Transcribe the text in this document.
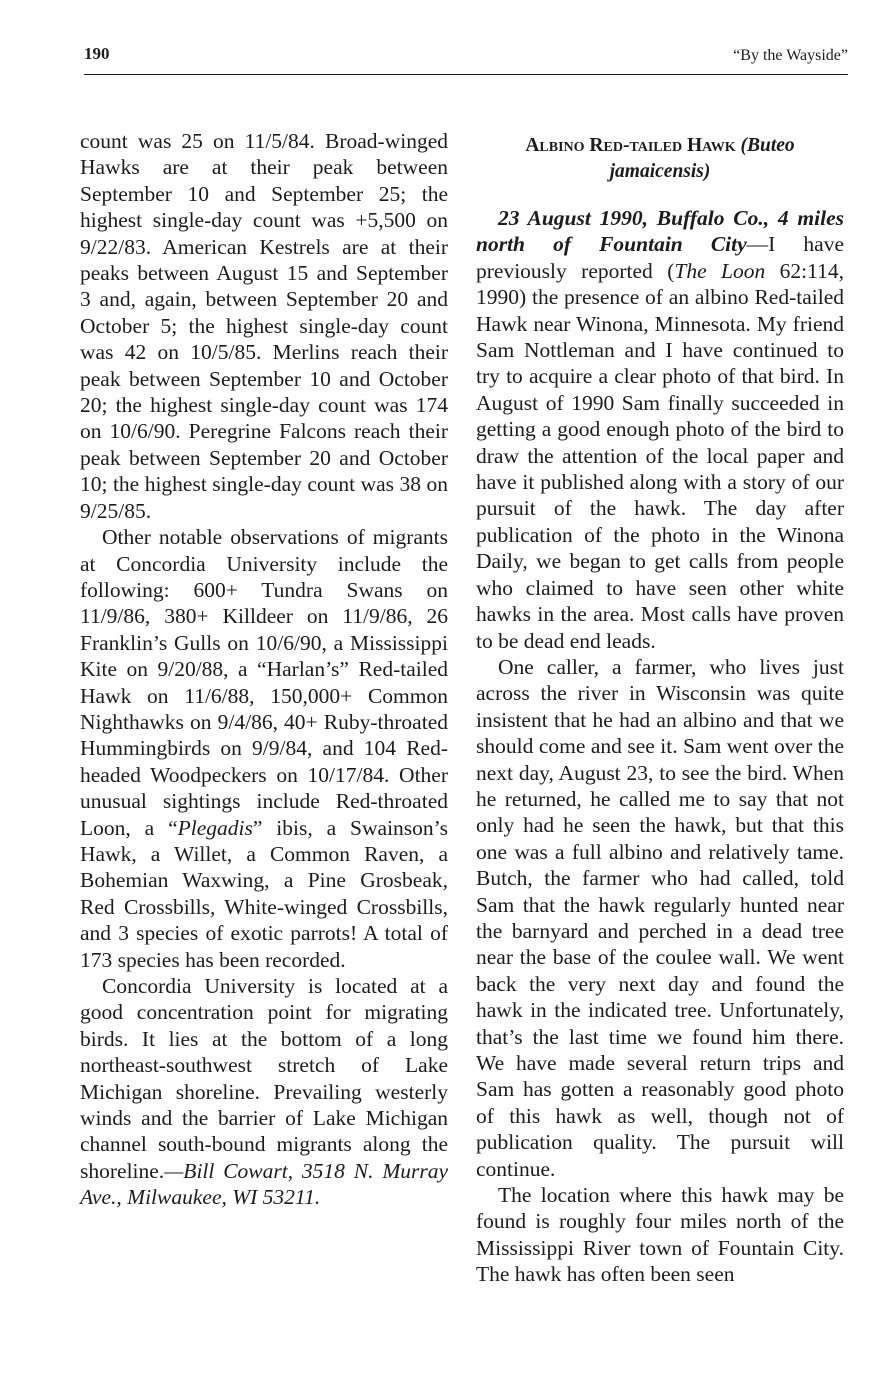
190	“By the Wayside”

count was 25 on 11/5/84. Broad-winged Hawks are at their peak between September 10 and September 25; the highest single-day count was +5,500 on 9/22/83. American Kestrels are at their peaks between August 15 and September 3 and, again, between September 20 and October 5; the highest single-day count was 42 on 10/5/85. Merlins reach their peak between September 10 and October 20; the highest single-day count was 174 on 10/6/90. Peregrine Falcons reach their peak between September 20 and October 10; the highest single-day count was 38 on 9/25/85.

Other notable observations of migrants at Concordia University include the following: 600+ Tundra Swans on 11/9/86, 380+ Killdeer on 11/9/86, 26 Franklin’s Gulls on 10/6/90, a Mississippi Kite on 9/20/88, a “Harlan’s” Red-tailed Hawk on 11/6/88, 150,000+ Common Nighthawks on 9/4/86, 40+ Ruby-throated Hummingbirds on 9/9/84, and 104 Red-headed Woodpeckers on 10/17/84. Other unusual sightings include Red-throated Loon, a “Plegadis” ibis, a Swainson’s Hawk, a Willet, a Common Raven, a Bohemian Waxwing, a Pine Grosbeak, Red Crossbills, White-winged Crossbills, and 3 species of exotic parrots! A total of 173 species has been recorded.

Concordia University is located at a good concentration point for migrating birds. It lies at the bottom of a long northeast-southwest stretch of Lake Michigan shoreline. Prevailing westerly winds and the barrier of Lake Michigan channel south-bound migrants along the shoreline.—Bill Cowart, 3518 N. Murray Ave., Milwaukee, WI 53211.

Albino Red-tailed Hawk (Buteo jamaicensis)

23 August 1990, Buffalo Co., 4 miles north of Fountain City—I have previously reported (The Loon 62:114, 1990) the presence of an albino Red-tailed Hawk near Winona, Minnesota. My friend Sam Nottleman and I have continued to try to acquire a clear photo of that bird. In August of 1990 Sam finally succeeded in getting a good enough photo of the bird to draw the attention of the local paper and have it published along with a story of our pursuit of the hawk. The day after publication of the photo in the Winona Daily, we began to get calls from people who claimed to have seen other white hawks in the area. Most calls have proven to be dead end leads.

One caller, a farmer, who lives just across the river in Wisconsin was quite insistent that he had an albino and that we should come and see it. Sam went over the next day, August 23, to see the bird. When he returned, he called me to say that not only had he seen the hawk, but that this one was a full albino and relatively tame. Butch, the farmer who had called, told Sam that the hawk regularly hunted near the barnyard and perched in a dead tree near the base of the coulee wall. We went back the very next day and found the hawk in the indicated tree. Unfortunately, that’s the last time we found him there. We have made several return trips and Sam has gotten a reasonably good photo of this hawk as well, though not of publication quality. The pursuit will continue.

The location where this hawk may be found is roughly four miles north of the Mississippi River town of Fountain City. The hawk has often been seen
